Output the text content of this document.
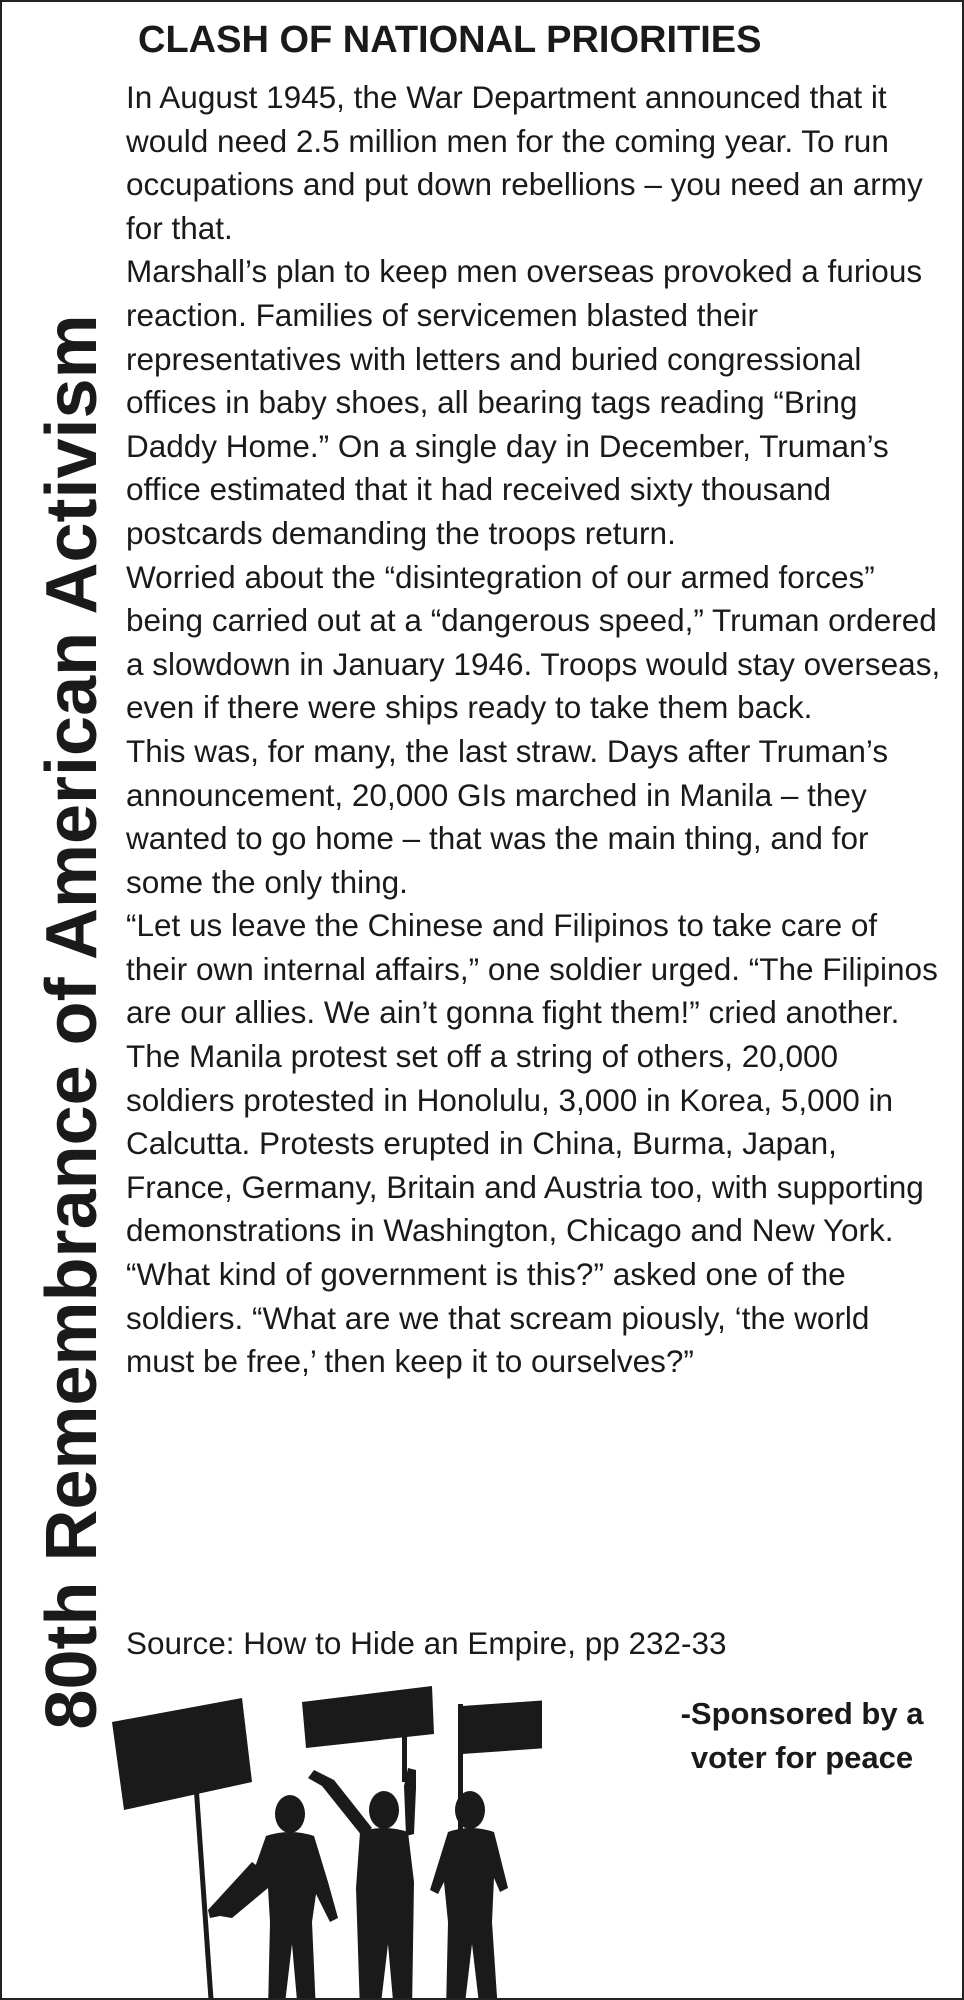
80th Remembrance of American Activism
CLASH OF NATIONAL PRIORITIES

In August 1945, the War Department announced that it would need 2.5 million men for the coming year. To run occupations and put down rebellions – you need an army for that.

Marshall’s plan to keep men overseas provoked a furious reaction. Families of servicemen blasted their representatives with letters and buried congressional offices in baby shoes, all bearing tags reading “Bring Daddy Home.” On a single day in December, Truman’s office estimated that it had received sixty thousand postcards demanding the troops return.

Worried about the “disintegration of our armed forces” being carried out at a “dangerous speed,” Truman ordered a slowdown in January 1946. Troops would stay overseas, even if there were ships ready to take them back.

This was, for many, the last straw. Days after Truman’s announcement, 20,000 GIs marched in Manila – they wanted to go home – that was the main thing, and for some the only thing.

“Let us leave the Chinese and Filipinos to take care of their own internal affairs,” one soldier urged. “The Filipinos are our allies. We ain’t gonna fight them!” cried another.

The Manila protest set off a string of others, 20,000 soldiers protested in Honolulu, 3,000 in Korea, 5,000 in Calcutta. Protests erupted in China, Burma, Japan, France, Germany, Britain and Austria too, with supporting demonstrations in Washington, Chicago and New York.

“What kind of government is this?” asked one of the soldiers. “What are we that scream piously, ‘the world must be free,’ then keep it to ourselves?”

Source: How to Hide an Empire, pp 232-33

-Sponsored by a
voter for peace
